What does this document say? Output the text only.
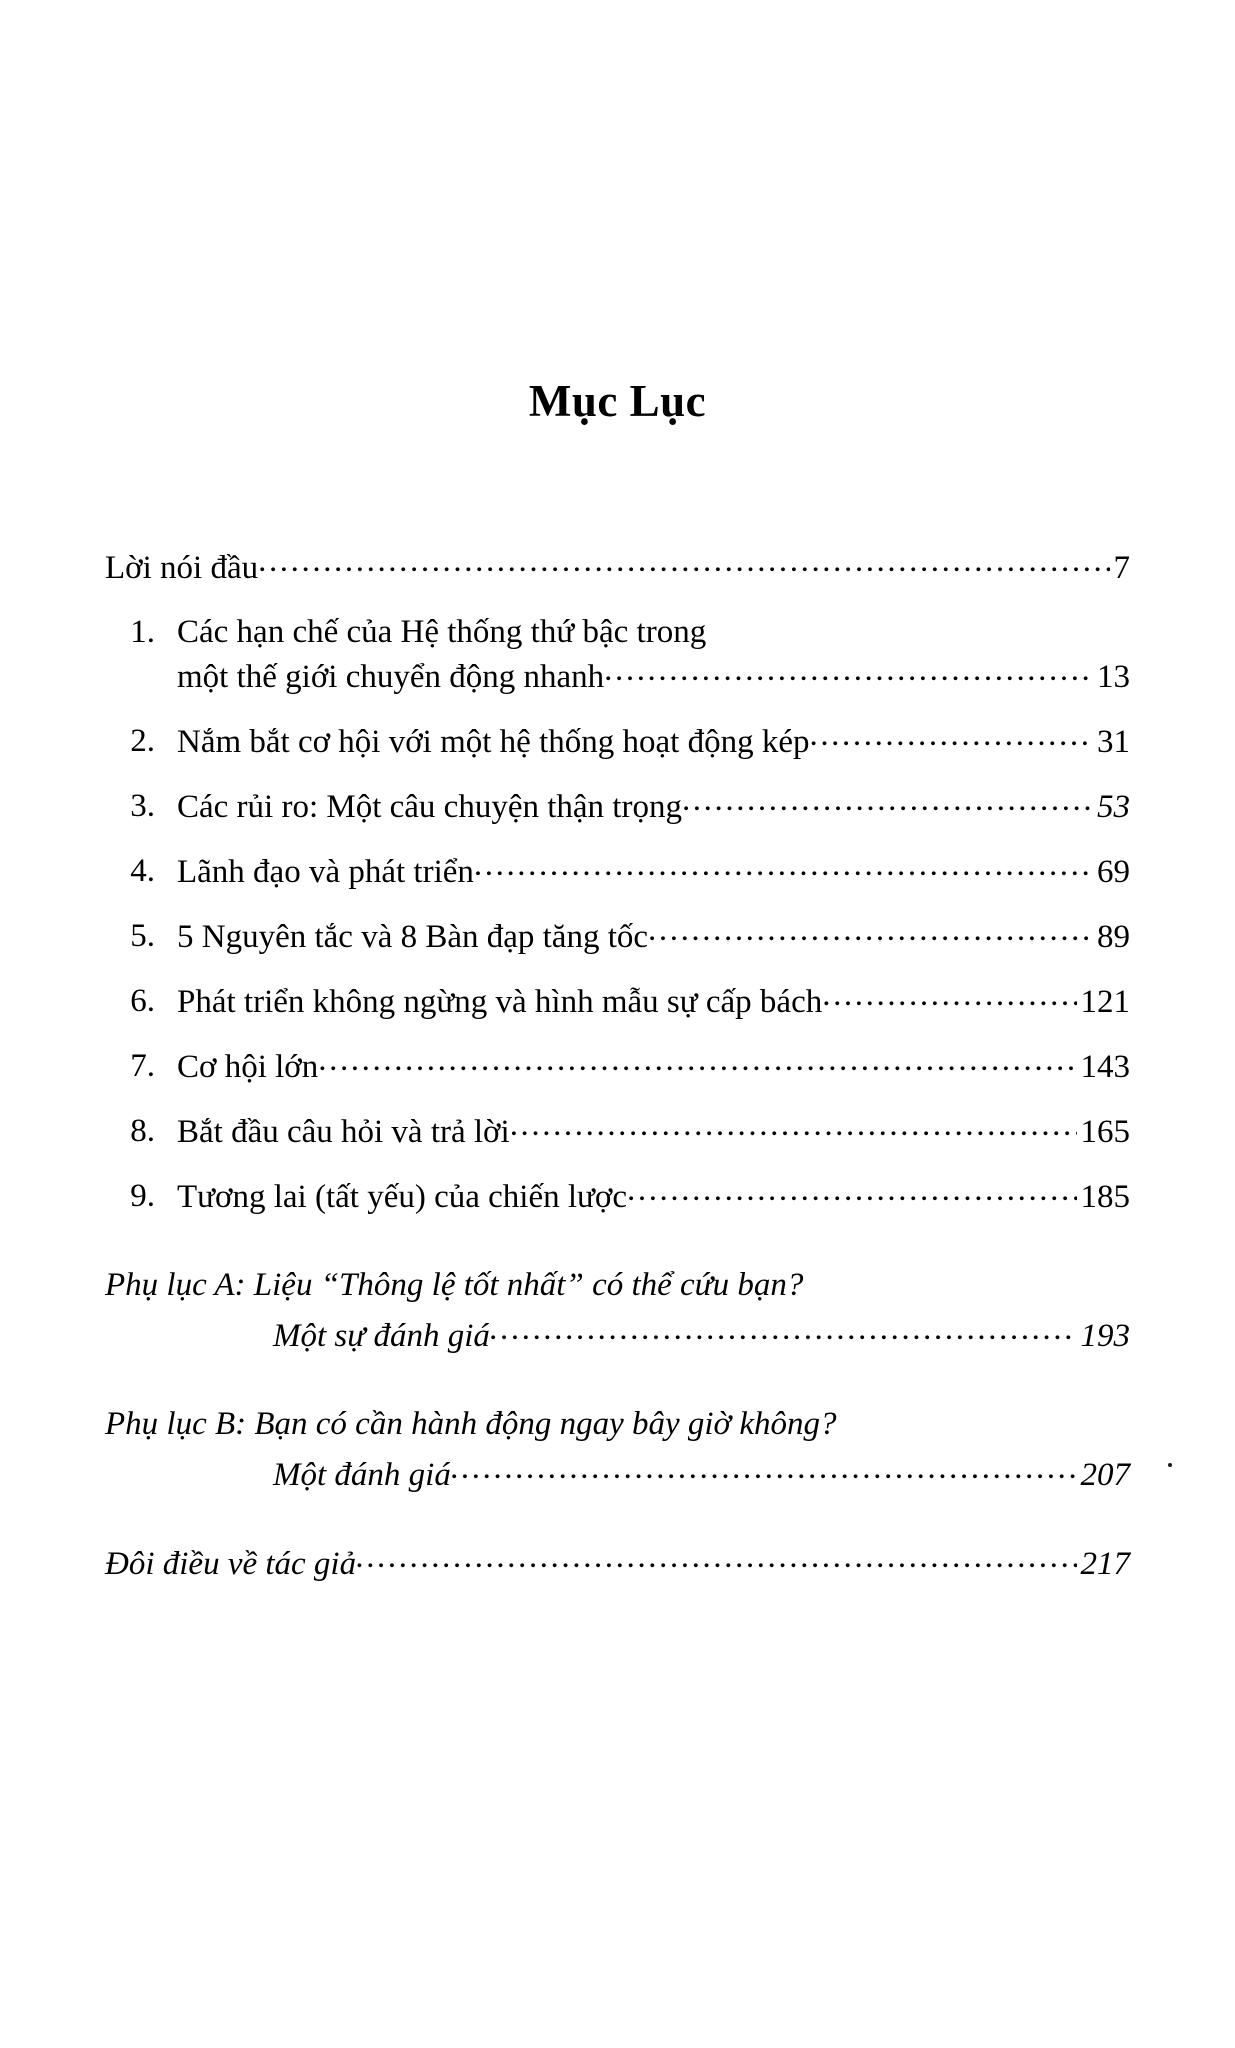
Mục Lục
Lời nói đầu .....	7
1. Các hạn chế của Hệ thống thứ bậc trong
một thế giới chuyển động nhanh .....	13
2. Nắm bắt cơ hội với một hệ thống hoạt động kép .....	31
3. Các rủi ro: Một câu chuyện thận trọng .....	53
4. Lãnh đạo và phát triển .....	69
5. 5 Nguyên tắc và 8 Bàn đạp tăng tốc .....	89
6. Phát triển không ngừng và hình mẫu sự cấp bách .....	121
7. Cơ hội lớn .....	143
8. Bắt đầu câu hỏi và trả lời .....	165
9. Tương lai (tất yếu) của chiến lược .....	185
Phụ lục A: Liệu “Thông lệ tốt nhất” có thể cứu bạn?
Một sự đánh giá .....	193
Phụ lục B: Bạn có cần hành động ngay bây giờ không?
Một đánh giá .....	207
Đôi điều về tác giả .....	217
